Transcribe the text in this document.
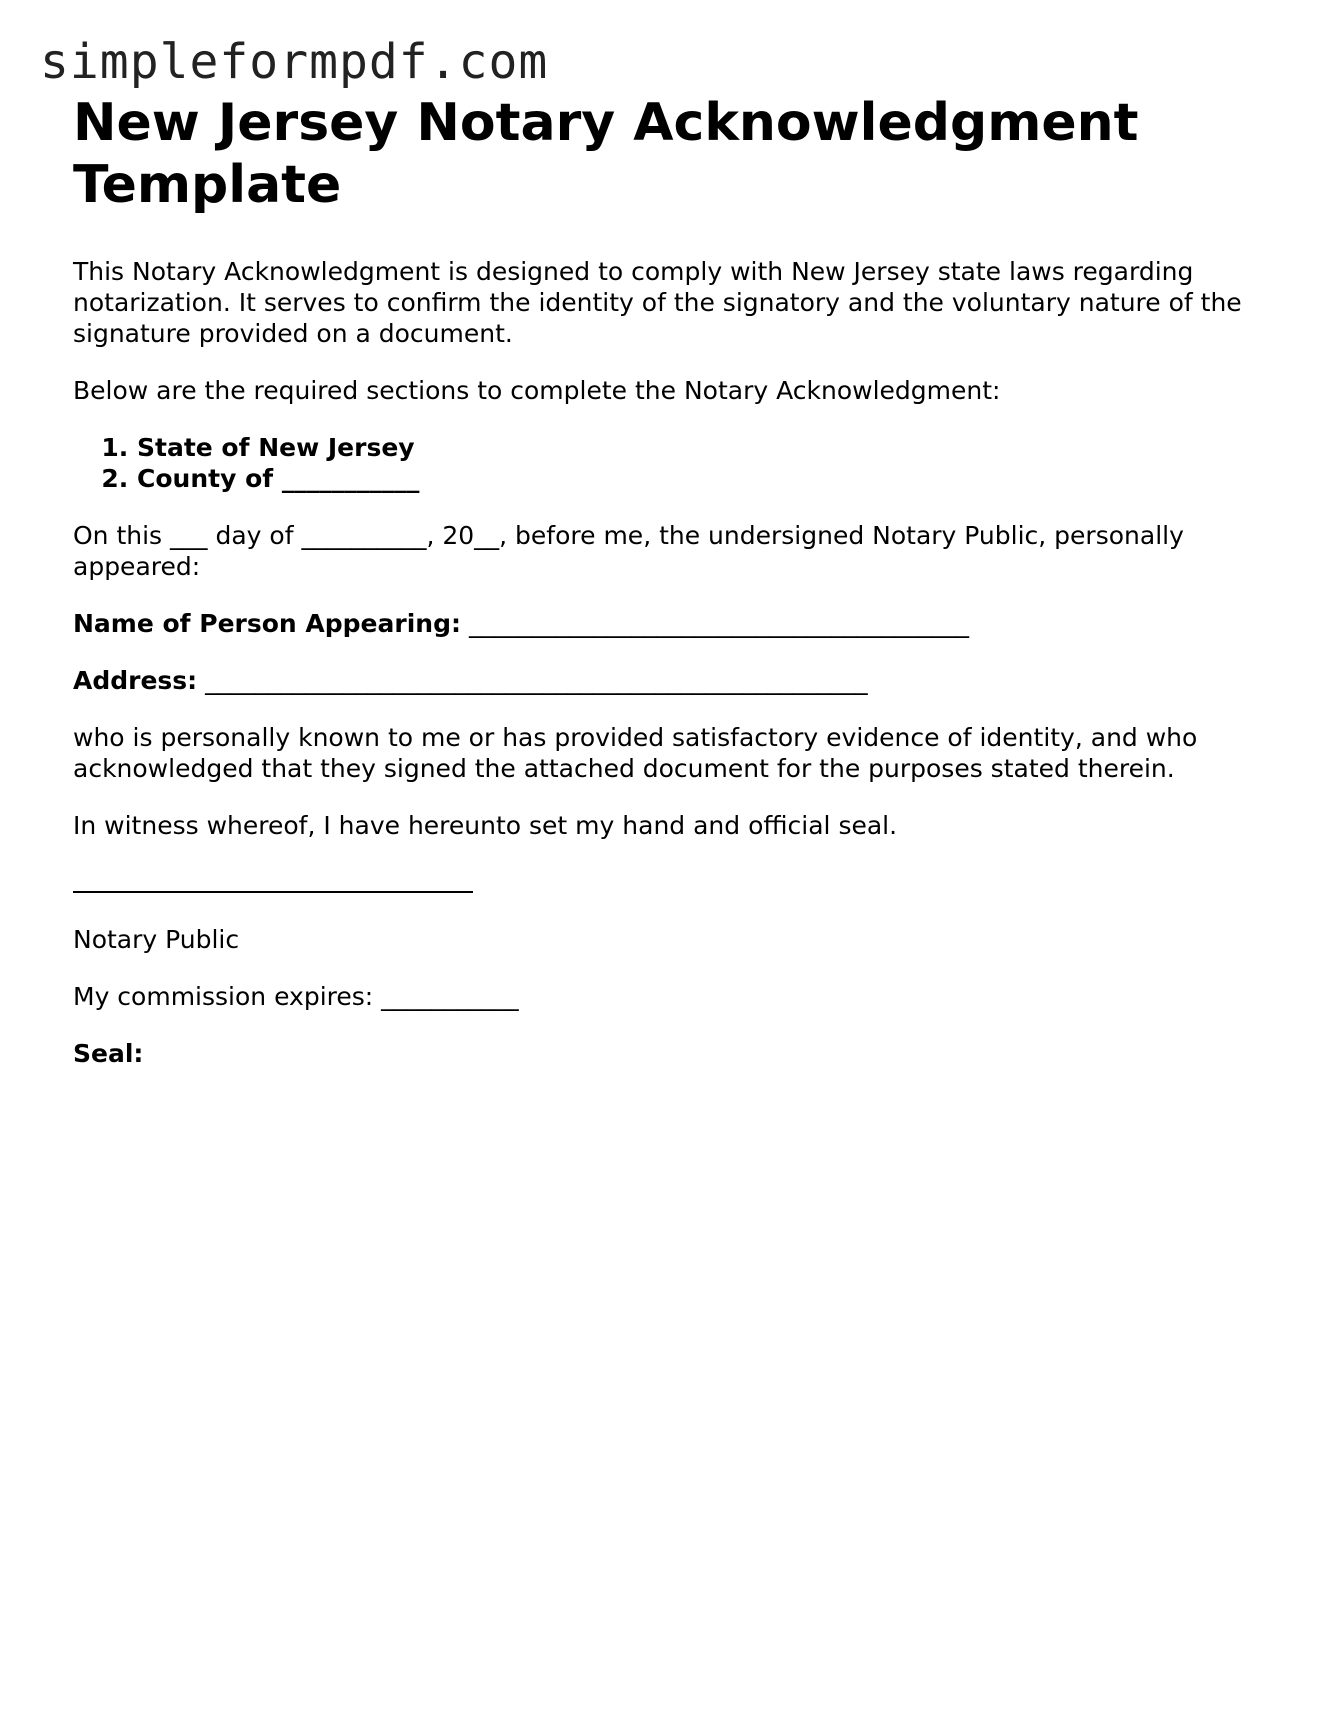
simpleformpdf.com
New Jersey Notary Acknowledgment Template

This Notary Acknowledgment is designed to comply with New Jersey state laws regarding notarization. It serves to confirm the identity of the signatory and the voluntary nature of the signature provided on a document.

Below are the required sections to complete the Notary Acknowledgment:

1. State of New Jersey
2. County of ___________

On this ___ day of __________, 20__, before me, the undersigned Notary Public, personally appeared:

Name of Person Appearing: ________________________________________

Address: _____________________________________________________

who is personally known to me or has provided satisfactory evidence of identity, and who acknowledged that they signed the attached document for the purposes stated therein.

In witness whereof, I have hereunto set my hand and official seal.

Notary Public

My commission expires: ___________

Seal:
